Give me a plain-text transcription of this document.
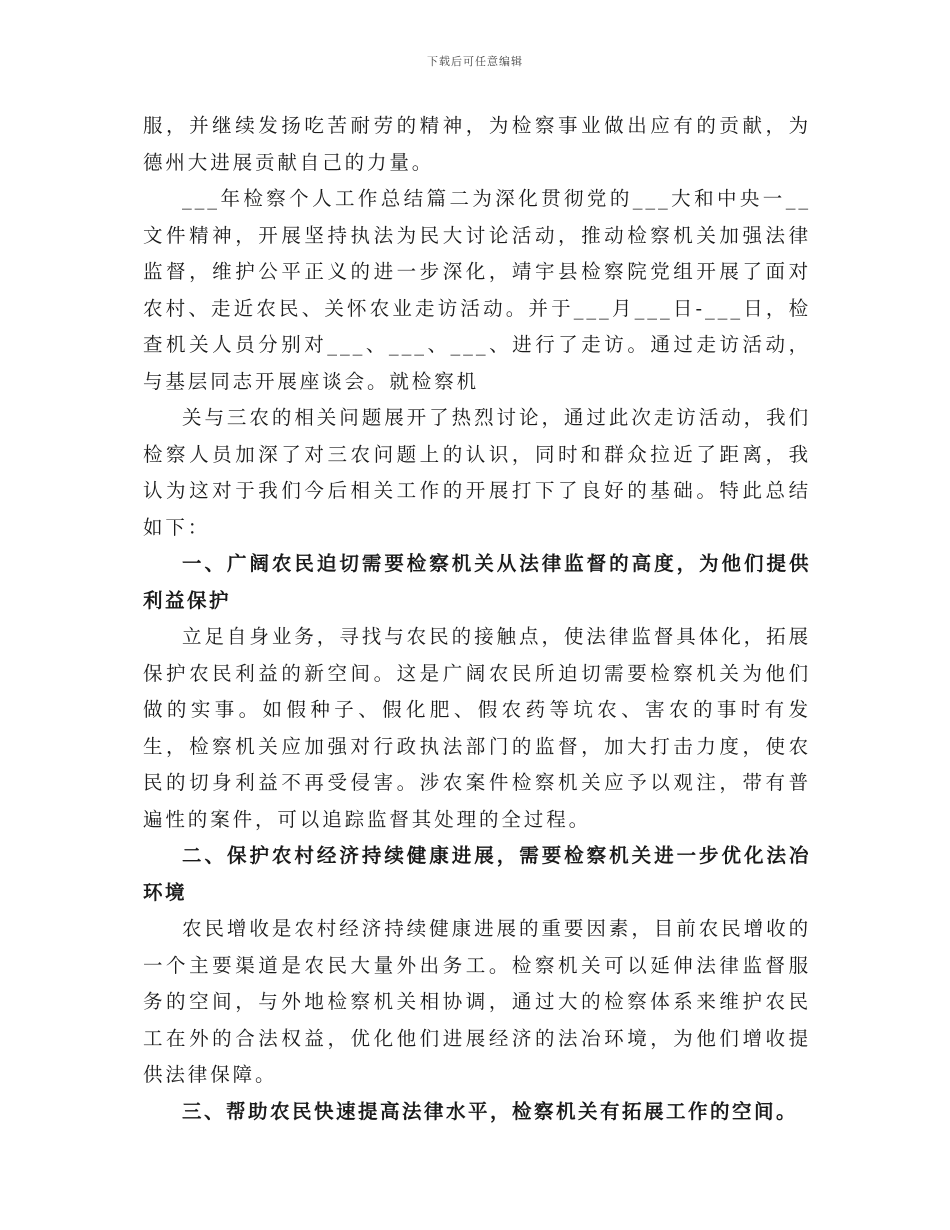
下载后可任意编辑

服，并继续发扬吃苦耐劳的精神，为检察事业做出应有的贡献，为德州大进展贡献自己的力量。

___年检察个人工作总结篇二为深化贯彻党的___大和中央一__文件精神，开展坚持执法为民大讨论活动，推动检察机关加强法律监督，维护公平正义的进一步深化，靖宇县检察院党组开展了面对农村、走近农民、关怀农业走访活动。并于___月___日-___日，检查机关人员分别对___、___、___、进行了走访。通过走访活动，与基层同志开展座谈会。就检察机

关与三农的相关问题展开了热烈讨论，通过此次走访活动，我们检察人员加深了对三农问题上的认识，同时和群众拉近了距离，我认为这对于我们今后相关工作的开展打下了良好的基础。特此总结如下：

一、广阔农民迫切需要检察机关从法律监督的高度，为他们提供利益保护

立足自身业务，寻找与农民的接触点，使法律监督具体化，拓展保护农民利益的新空间。这是广阔农民所迫切需要检察机关为他们做的实事。如假种子、假化肥、假农药等坑农、害农的事时有发生，检察机关应加强对行政执法部门的监督，加大打击力度，使农民的切身利益不再受侵害。涉农案件检察机关应予以观注，带有普遍性的案件，可以追踪监督其处理的全过程。

二、保护农村经济持续健康进展，需要检察机关进一步优化法冶环境

农民增收是农村经济持续健康进展的重要因素，目前农民增收的一个主要渠道是农民大量外出务工。检察机关可以延伸法律监督服务的空间，与外地检察机关相协调，通过大的检察体系来维护农民工在外的合法权益，优化他们进展经济的法冶环境，为他们增收提供法律保障。

三、帮助农民快速提高法律水平，检察机关有拓展工作的空间。
